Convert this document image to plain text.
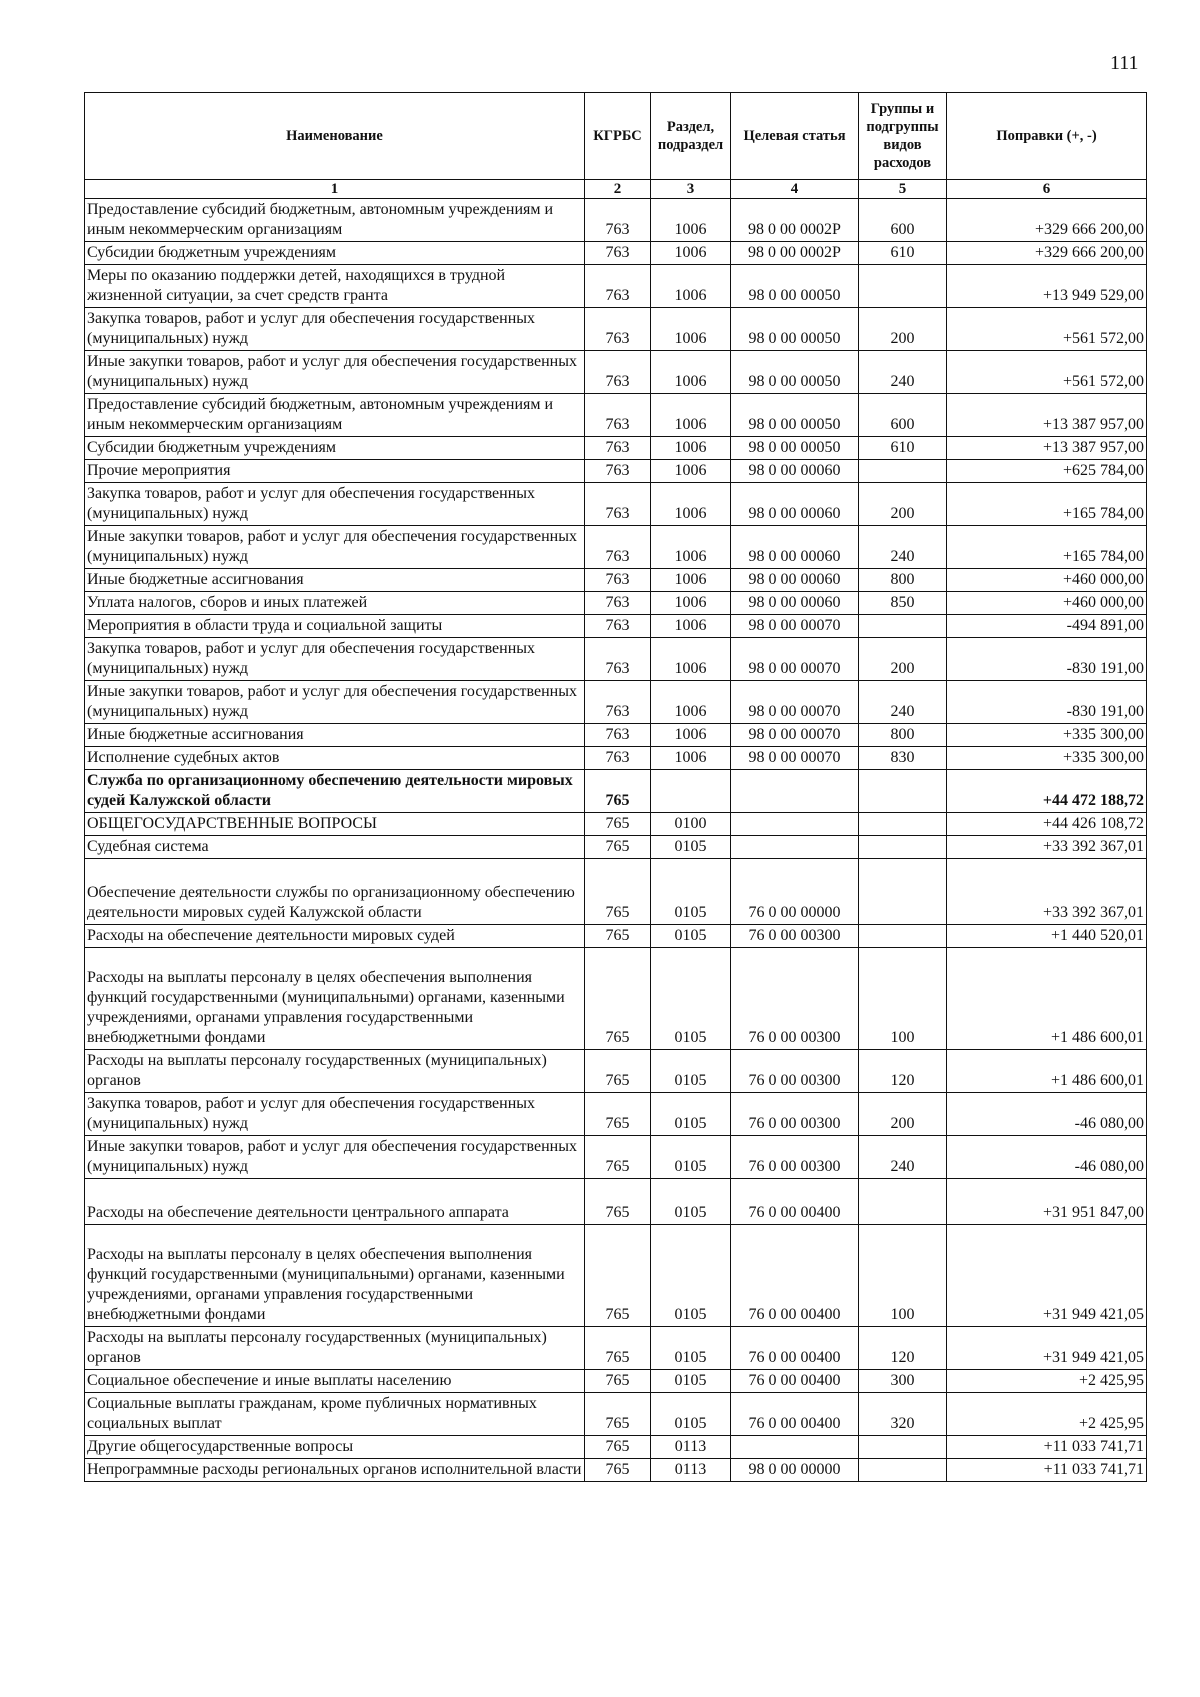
111
Наименование	КГРБС	Раздел, подраздел	Целевая статья	Группы и подгруппы видов расходов	Поправки (+, -)
1	2	3	4	5	6
Предоставление субсидий бюджетным, автономным учреждениям и иным некоммерческим организациям	763	1006	98 0 00 0002Р	600	+329 666 200,00
Субсидии бюджетным учреждениям	763	1006	98 0 00 0002Р	610	+329 666 200,00
Меры по оказанию поддержки детей, находящихся в трудной жизненной ситуации, за счет средств гранта	763	1006	98 0 00 00050		+13 949 529,00
Закупка товаров, работ и услуг для обеспечения государственных (муниципальных) нужд	763	1006	98 0 00 00050	200	+561 572,00
Иные закупки товаров, работ и услуг для обеспечения государственных (муниципальных) нужд	763	1006	98 0 00 00050	240	+561 572,00
Предоставление субсидий бюджетным, автономным учреждениям и иным некоммерческим организациям	763	1006	98 0 00 00050	600	+13 387 957,00
Субсидии бюджетным учреждениям	763	1006	98 0 00 00050	610	+13 387 957,00
Прочие мероприятия	763	1006	98 0 00 00060		+625 784,00
Закупка товаров, работ и услуг для обеспечения государственных (муниципальных) нужд	763	1006	98 0 00 00060	200	+165 784,00
Иные закупки товаров, работ и услуг для обеспечения государственных (муниципальных) нужд	763	1006	98 0 00 00060	240	+165 784,00
Иные бюджетные ассигнования	763	1006	98 0 00 00060	800	+460 000,00
Уплата налогов, сборов и иных платежей	763	1006	98 0 00 00060	850	+460 000,00
Мероприятия в области труда и социальной защиты	763	1006	98 0 00 00070		-494 891,00
Закупка товаров, работ и услуг для обеспечения государственных (муниципальных) нужд	763	1006	98 0 00 00070	200	-830 191,00
Иные закупки товаров, работ и услуг для обеспечения государственных (муниципальных) нужд	763	1006	98 0 00 00070	240	-830 191,00
Иные бюджетные ассигнования	763	1006	98 0 00 00070	800	+335 300,00
Исполнение судебных актов	763	1006	98 0 00 00070	830	+335 300,00
Служба по организационному обеспечению деятельности мировых судей Калужской области	765				+44 472 188,72
ОБЩЕГОСУДАРСТВЕННЫЕ ВОПРОСЫ	765	0100			+44 426 108,72
Судебная система	765	0105			+33 392 367,01
Обеспечение деятельности службы по организационному обеспечению деятельности мировых судей Калужской области	765	0105	76 0 00 00000		+33 392 367,01
Расходы на обеспечение деятельности мировых судей	765	0105	76 0 00 00300		+1 440 520,01
Расходы на выплаты персоналу в целях обеспечения выполнения функций государственными (муниципальными) органами, казенными учреждениями, органами управления государственными внебюджетными фондами	765	0105	76 0 00 00300	100	+1 486 600,01
Расходы на выплаты персоналу государственных (муниципальных) органов	765	0105	76 0 00 00300	120	+1 486 600,01
Закупка товаров, работ и услуг для обеспечения государственных (муниципальных) нужд	765	0105	76 0 00 00300	200	-46 080,00
Иные закупки товаров, работ и услуг для обеспечения государственных (муниципальных) нужд	765	0105	76 0 00 00300	240	-46 080,00
Расходы на обеспечение деятельности центрального аппарата	765	0105	76 0 00 00400		+31 951 847,00
Расходы на выплаты персоналу в целях обеспечения выполнения функций государственными (муниципальными) органами, казенными учреждениями, органами управления государственными внебюджетными фондами	765	0105	76 0 00 00400	100	+31 949 421,05
Расходы на выплаты персоналу государственных (муниципальных) органов	765	0105	76 0 00 00400	120	+31 949 421,05
Социальное обеспечение и иные выплаты населению	765	0105	76 0 00 00400	300	+2 425,95
Социальные выплаты гражданам, кроме публичных нормативных социальных выплат	765	0105	76 0 00 00400	320	+2 425,95
Другие общегосударственные вопросы	765	0113			+11 033 741,71
Непрограммные расходы региональных органов исполнительной власти	765	0113	98 0 00 00000		+11 033 741,71
